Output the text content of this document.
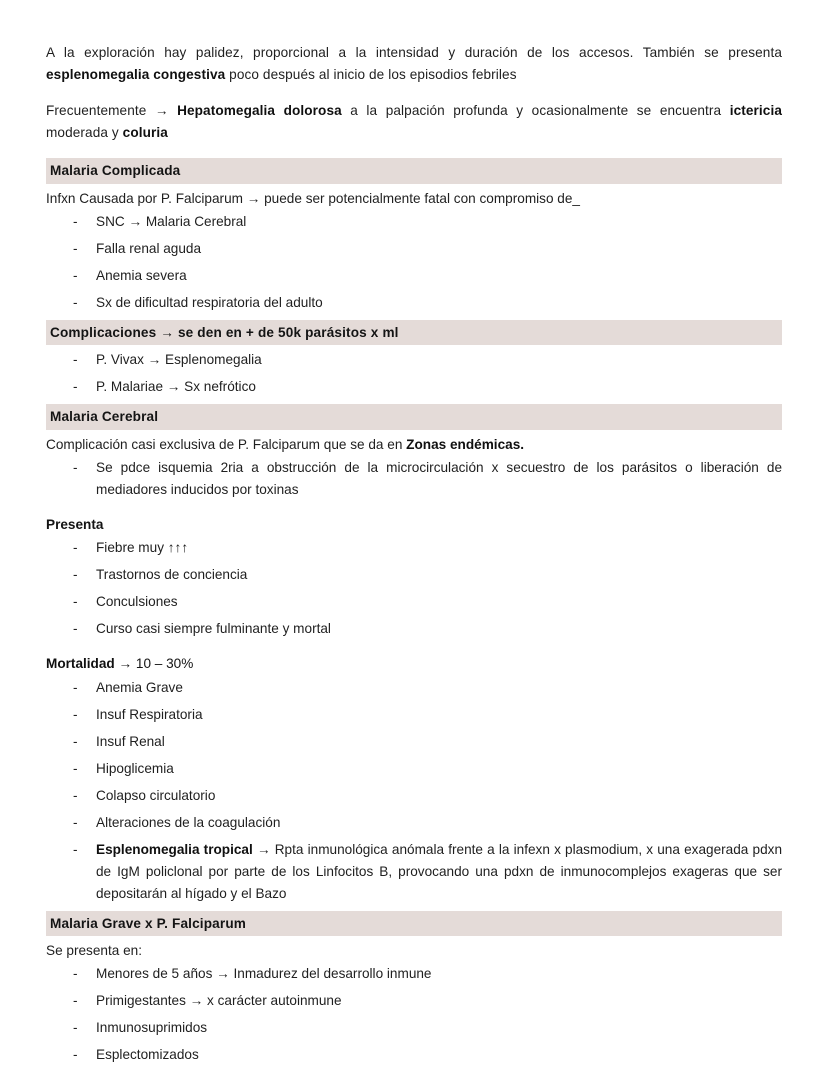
A la exploración hay palidez, proporcional a la intensidad y duración de los accesos. También se presenta esplenomegalia congestiva poco después al inicio de los episodios febriles

Frecuentemente → Hepatomegalia dolorosa a la palpación profunda y ocasionalmente se encuentra ictericia moderada y coluria

Malaria Complicada

Infxn Causada por P. Falciparum → puede ser potencialmente fatal con compromiso de_

- SNC → Malaria Cerebral
- Falla renal aguda
- Anemia severa
- Sx de dificultad respiratoria del adulto
Complicaciones → se den en + de 50k parásitos x ml
- P. Vivax → Esplenomegalia
- P. Malariae → Sx nefrótico
Malaria Cerebral

Complicación casi exclusiva de P. Falciparum que se da en Zonas endémicas.

- Se pdce isquemia 2ria a obstrucción de la microcirculación x secuestro de los parásitos o liberación de mediadores inducidos por toxinas
Presenta
- Fiebre muy ↑↑↑
- Trastornos de conciencia
- Conculsiones
- Curso casi siempre fulminante y mortal
Mortalidad → 10 – 30%
- Anemia Grave
- Insuf Respiratoria
- Insuf Renal
- Hipoglicemia
- Colapso circulatorio
- Alteraciones de la coagulación
- Esplenomegalia tropical → Rpta inmunológica anómala frente a la infexn x plasmodium, x una exagerada pdxn de IgM policlonal por parte de los Linfocitos B, provocando una pdxn de inmunocomplejos exageras que ser depositarán al hígado y el Bazo
Malaria Grave x P. Falciparum

Se presenta en:

- Menores de 5 años → Inmadurez del desarrollo inmune
- Primigestantes → x carácter autoinmune
- Inmunosuprimidos
- Esplectomizados
